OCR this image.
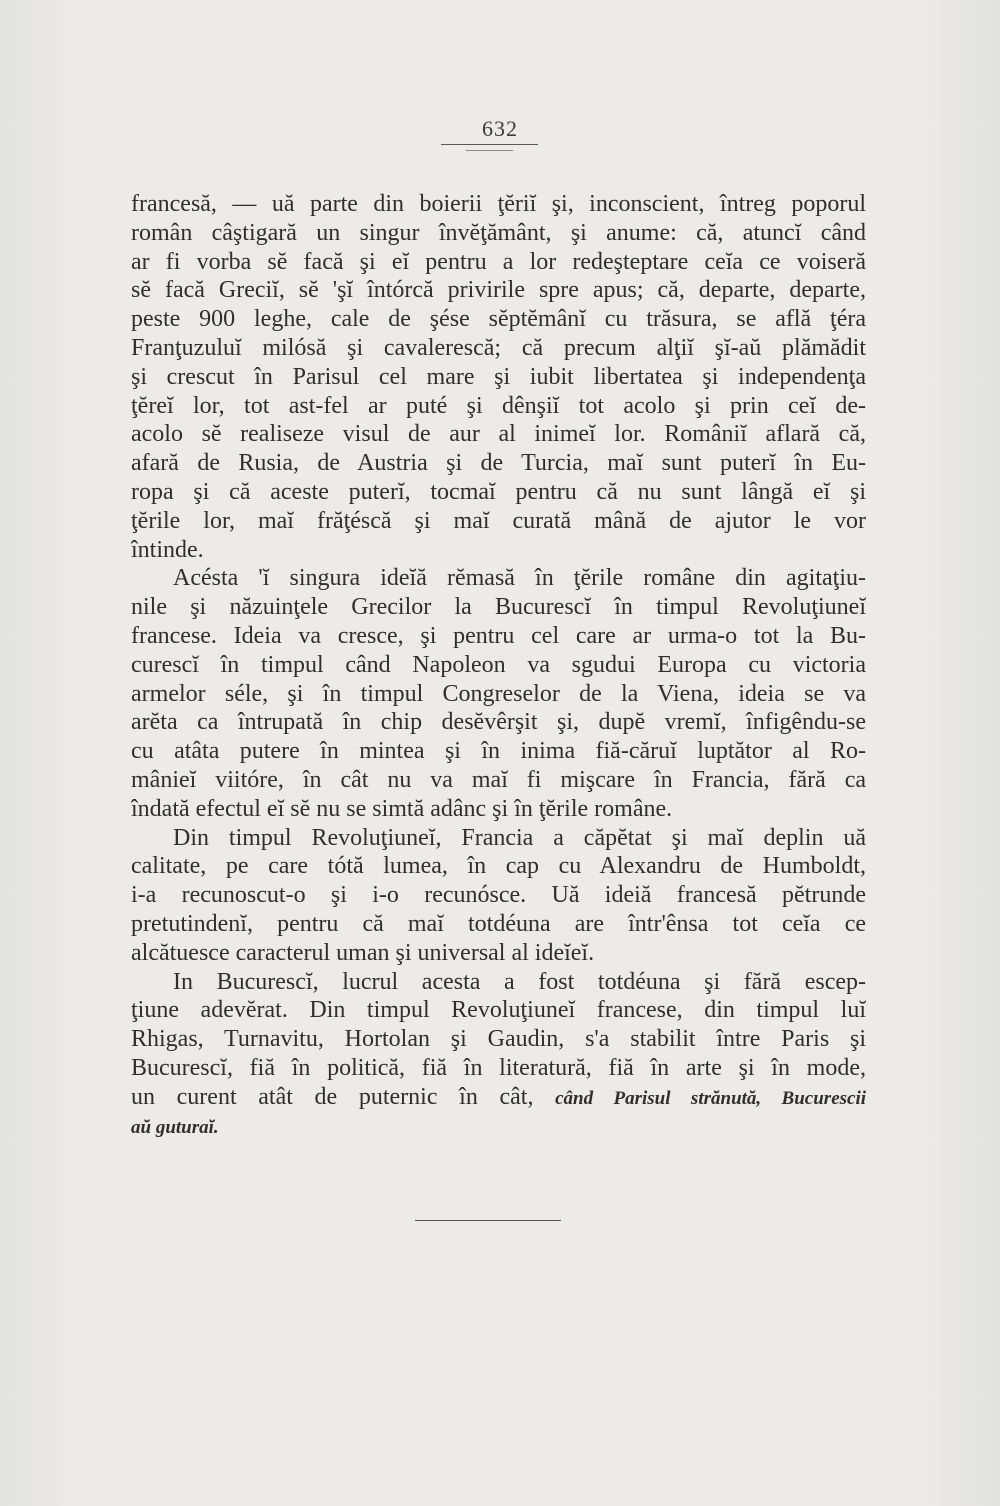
632
francesă, — uă parte din boierii ţĕriĭ şi, inconscient, întreg poporul
român câştigară un singur învĕţământ, şi anume: că, atuncĭ când
ar fi vorba sĕ facă şi eĭ pentru a lor redeşteptare ceĭa ce voiseră
sĕ facă Greciĭ, sĕ 'şĭ întórcă privirile spre apus; că, departe, departe,
peste 900 leghe, cale de şése sĕptĕmânĭ cu trăsura, se află ţéra
Franţuzuluĭ milósă şi cavalerescă; că precum alţiĭ şĭ-aŭ plămădit
şi crescut în Parisul cel mare şi iubit libertatea şi independenţa
ţĕreĭ lor, tot ast-fel ar puté şi dênşiĭ tot acolo şi prin ceĭ de-
acolo sĕ realiseze visul de aur al inimeĭ lor. Româniĭ aflară că,
afară de Rusia, de Austria şi de Turcia, maĭ sunt puterĭ în Eu-
ropa şi că aceste puterĭ, tocmaĭ pentru că nu sunt lângă eĭ şi
ţĕrile lor, maĭ frăţéscă şi maĭ curată mână de ajutor le vor
întinde.
Acésta 'ĭ singura ideĭă rĕmasă în ţĕrile române din agitaţiu-
nile şi năzuinţele Grecilor la Bucurescĭ în timpul Revoluţiuneĭ
francese. Ideia va cresce, şi pentru cel care ar urma-o tot la Bu-
curescĭ în timpul când Napoleon va sgudui Europa cu victoria
armelor séle, şi în timpul Congreselor de la Viena, ideia se va
arĕta ca întrupată în chip desĕvêrşit şi, dupĕ vremĭ, înfigêndu-se
cu atâta putere în mintea şi în inima fiă-căruĭ luptător al Ro-
mânieĭ viitóre, în cât nu va maĭ fi mişcare în Francia, fără ca
îndată efectul eĭ sĕ nu se simtă adânc şi în ţĕrile române.
Din timpul Revoluţiuneĭ, Francia a căpĕtat şi maĭ deplin uă
calitate, pe care tótă lumea, în cap cu Alexandru de Humboldt,
i-a recunoscut-o şi i-o recunósce. Uă ideiă francesă pĕtrunde
pretutindenĭ, pentru că maĭ totdéuna are într'ênsa tot ceĭa ce
alcătuesce caracterul uman şi universal al ideĭeĭ.
In Bucurescĭ, lucrul acesta a fost totdéuna şi fără escep-
ţiune adevĕrat. Din timpul Revoluţiuneĭ francese, din timpul luĭ
Rhigas, Turnavitu, Hortolan şi Gaudin, s'a stabilit între Paris şi
Bucurescĭ, fiă în politică, fiă în literatură, fiă în arte şi în mode,
un curent atât de puternic în cât, când Parisul strănută, Bucurescii
aŭ guturaĭ.
